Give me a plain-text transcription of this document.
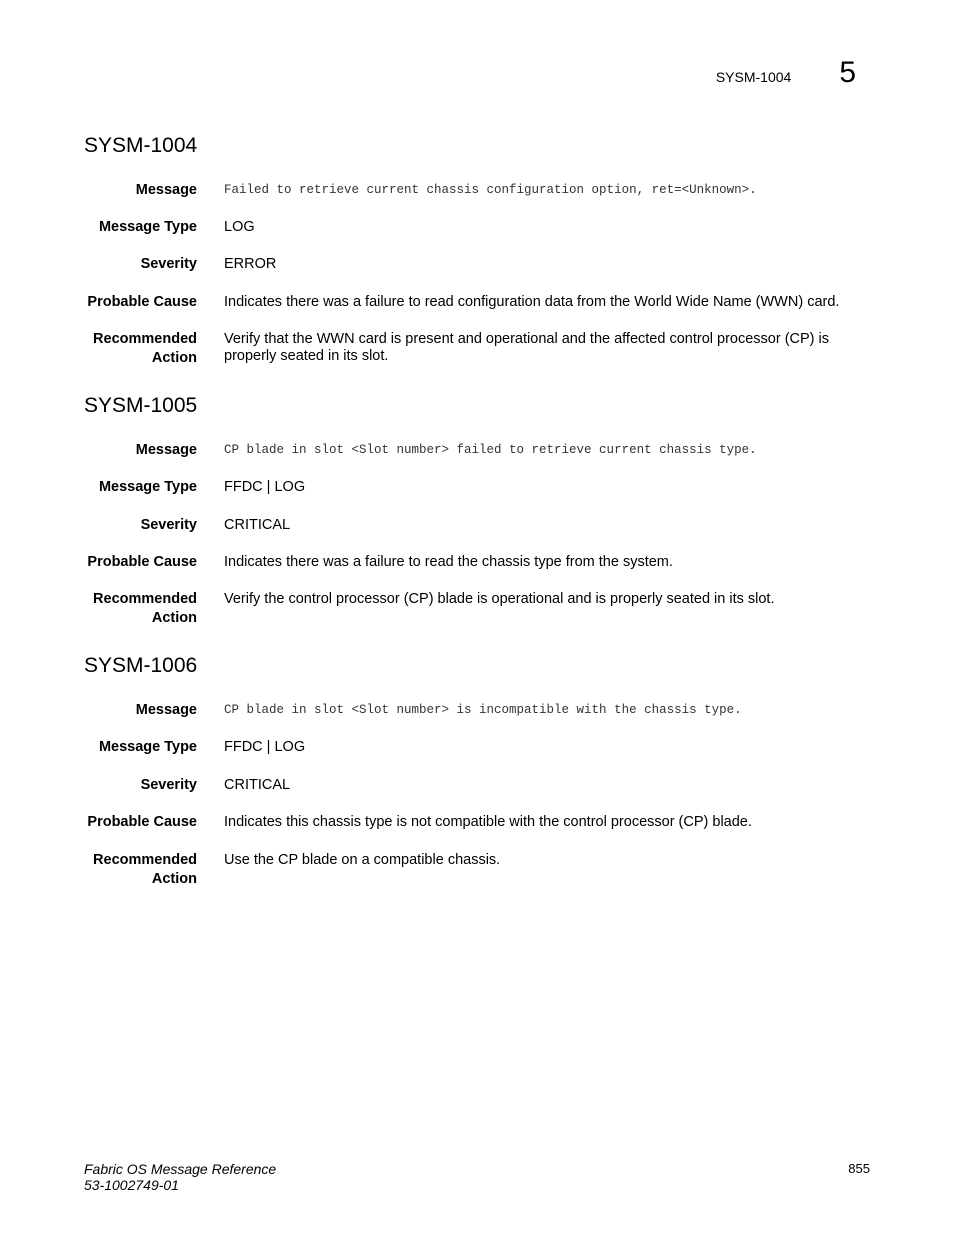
SYSM-1004 5
SYSM-1004
Message Failed to retrieve current chassis configuration option, ret=<Unknown>.
Message Type LOG
Severity ERROR
Probable Cause Indicates there was a failure to read configuration data from the World Wide Name (WWN) card.
Recommended
Action
Verify that the WWN card is present and operational and the affected control processor (CP) is properly seated in its slot.
SYSM-1005
Message CP blade in slot <Slot number> failed to retrieve current chassis type.
Message Type FFDC | LOG
Severity CRITICAL
Probable Cause Indicates there was a failure to read the chassis type from the system.
Recommended
Action
Verify the control processor (CP) blade is operational and is properly seated in its slot.
SYSM-1006
Message CP blade in slot <Slot number> is incompatible with the chassis type.
Message Type FFDC | LOG
Severity CRITICAL
Probable Cause Indicates this chassis type is not compatible with the control processor (CP) blade.
Recommended
Action
Use the CP blade on a compatible chassis.
Fabric OS Message Reference
53-1002749-01
855
